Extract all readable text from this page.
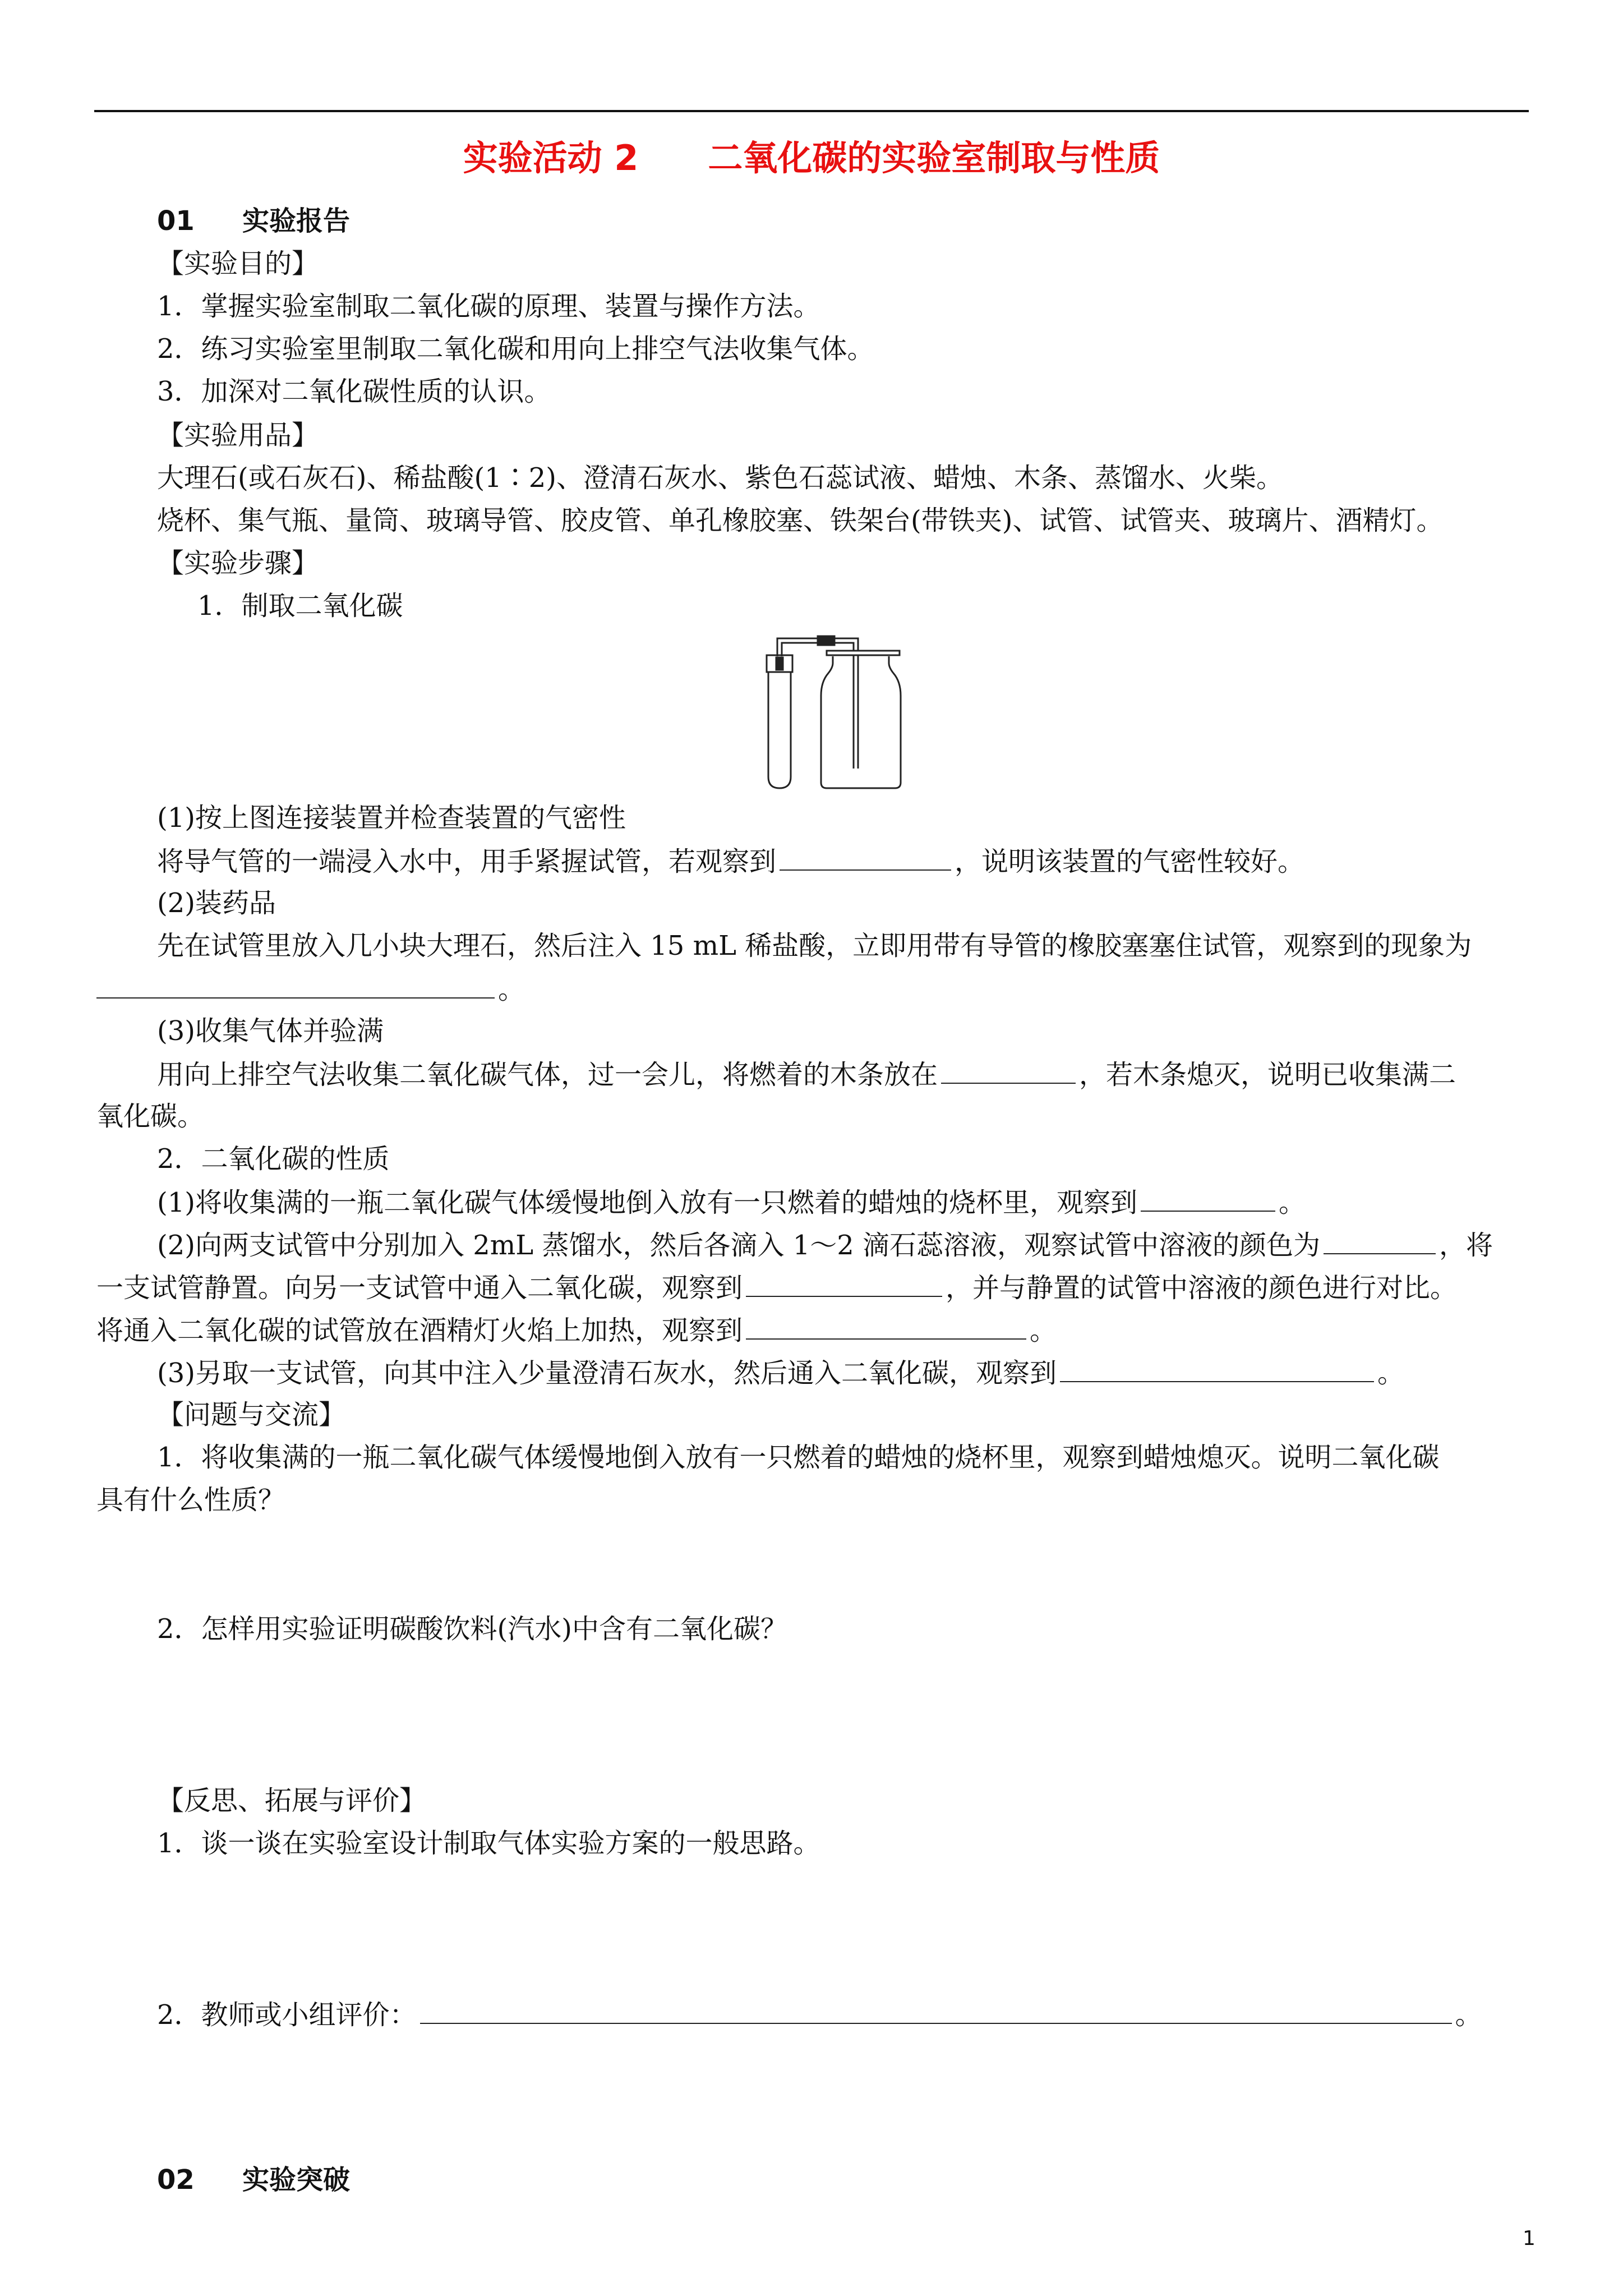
实验活动 2　　二氧化碳的实验室制取与性质
01 实验报告
【实验目的】
1．掌握实验室制取二氧化碳的原理、装置与操作方法。
2．练习实验室里制取二氧化碳和用向上排空气法收集气体。
3．加深对二氧化碳性质的认识。
【实验用品】
大理石(或石灰石)、稀盐酸(1∶2)、澄清石灰水、紫色石蕊试液、蜡烛、木条、蒸馏水、火柴。
烧杯、集气瓶、量筒、玻璃导管、胶皮管、单孔橡胶塞、铁架台(带铁夹)、试管、试管夹、玻璃片、酒精灯。
【实验步骤】
1．制取二氧化碳
(1)按上图连接装置并检查装置的气密性
将导气管的一端浸入水中，用手紧握试管，若观察到	，说明该装置的气密性较好。
(2)装药品
先在试管里放入几小块大理石，然后注入 15 mL 稀盐酸，立即用带有导管的橡胶塞塞住试管，观察到的现象为
。
(3)收集气体并验满
用向上排空气法收集二氧化碳气体，过一会儿，将燃着的木条放在	，若木条熄灭，说明已收集满二
氧化碳。
2．二氧化碳的性质
(1)将收集满的一瓶二氧化碳气体缓慢地倒入放有一只燃着的蜡烛的烧杯里，观察到	。
(2)向两支试管中分别加入 2mL 蒸馏水，然后各滴入 1～2 滴石蕊溶液，观察试管中溶液的颜色为	，将
一支试管静置。向另一支试管中通入二氧化碳，观察到	，并与静置的试管中溶液的颜色进行对比。
将通入二氧化碳的试管放在酒精灯火焰上加热，观察到	。
(3)另取一支试管，向其中注入少量澄清石灰水，然后通入二氧化碳，观察到	。
【问题与交流】
1．将收集满的一瓶二氧化碳气体缓慢地倒入放有一只燃着的蜡烛的烧杯里，观察到蜡烛熄灭。说明二氧化碳
具有什么性质？
2．怎样用实验证明碳酸饮料(汽水)中含有二氧化碳？
【反思、拓展与评价】
1．谈一谈在实验室设计制取气体实验方案的一般思路。
2．教师或小组评价：	。
02 实验突破
1
